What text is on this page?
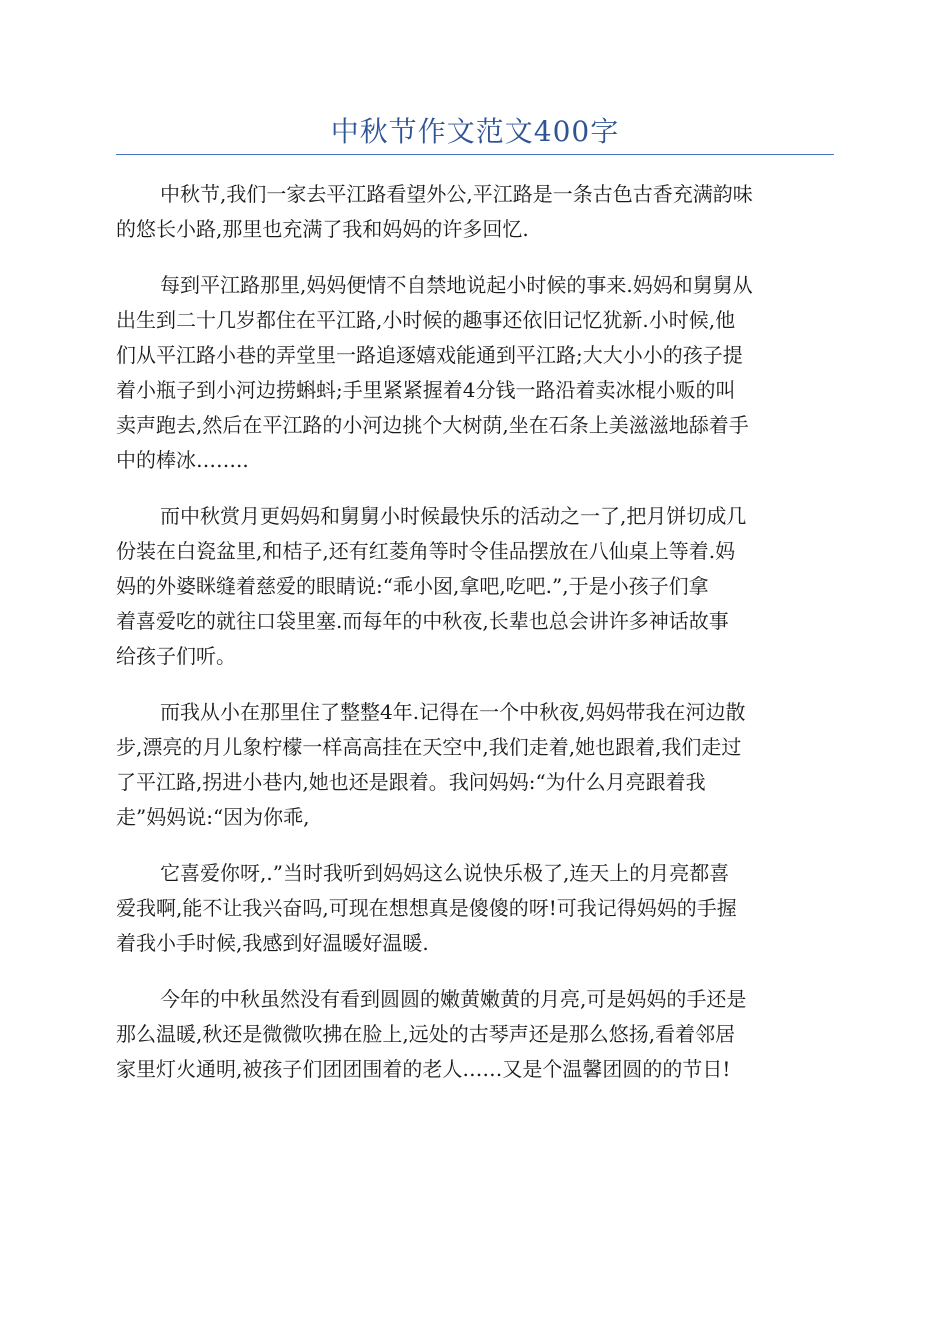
中秋节作文范文400字
中秋节,我们一家去平江路看望外公,平江路是一条古色古香充满韵味
的悠长小路,那里也充满了我和妈妈的许多回忆.
每到平江路那里,妈妈便情不自禁地说起小时候的事来.妈妈和舅舅从
出生到二十几岁都住在平江路,小时候的趣事还依旧记忆犹新.小时候,他
们从平江路小巷的弄堂里一路追逐嬉戏能通到平江路;大大小小的孩子提
着小瓶子到小河边捞蝌蚪;手里紧紧握着4分钱一路沿着卖冰棍小贩的叫
卖声跑去,然后在平江路的小河边挑个大树荫,坐在石条上美滋滋地舔着手
中的棒冰……..
而中秋赏月更妈妈和舅舅小时候最快乐的活动之一了,把月饼切成几
份装在白瓷盆里,和桔子,还有红菱角等时令佳品摆放在八仙桌上等着.妈
妈的外婆眯缝着慈爱的眼睛说:“乖小囡,拿吧,吃吧.”,于是小孩子们拿
着喜爱吃的就往口袋里塞.而每年的中秋夜,长辈也总会讲许多神话故事
给孩子们听。
而我从小在那里住了整整4年.记得在一个中秋夜,妈妈带我在河边散
步,漂亮的月儿象柠檬一样高高挂在天空中,我们走着,她也跟着,我们走过
了平江路,拐进小巷内,她也还是跟着。我问妈妈:“为什么月亮跟着我
走”妈妈说:“因为你乖,
它喜爱你呀,.”当时我听到妈妈这么说快乐极了,连天上的月亮都喜
爱我啊,能不让我兴奋吗,可现在想想真是傻傻的呀!可我记得妈妈的手握
着我小手时候,我感到好温暖好温暖.
今年的中秋虽然没有看到圆圆的嫩黄嫩黄的月亮,可是妈妈的手还是
那么温暖,秋还是微微吹拂在脸上,远处的古琴声还是那么悠扬,看着邻居
家里灯火通明,被孩子们团团围着的老人……又是个温馨团圆的的节日!
